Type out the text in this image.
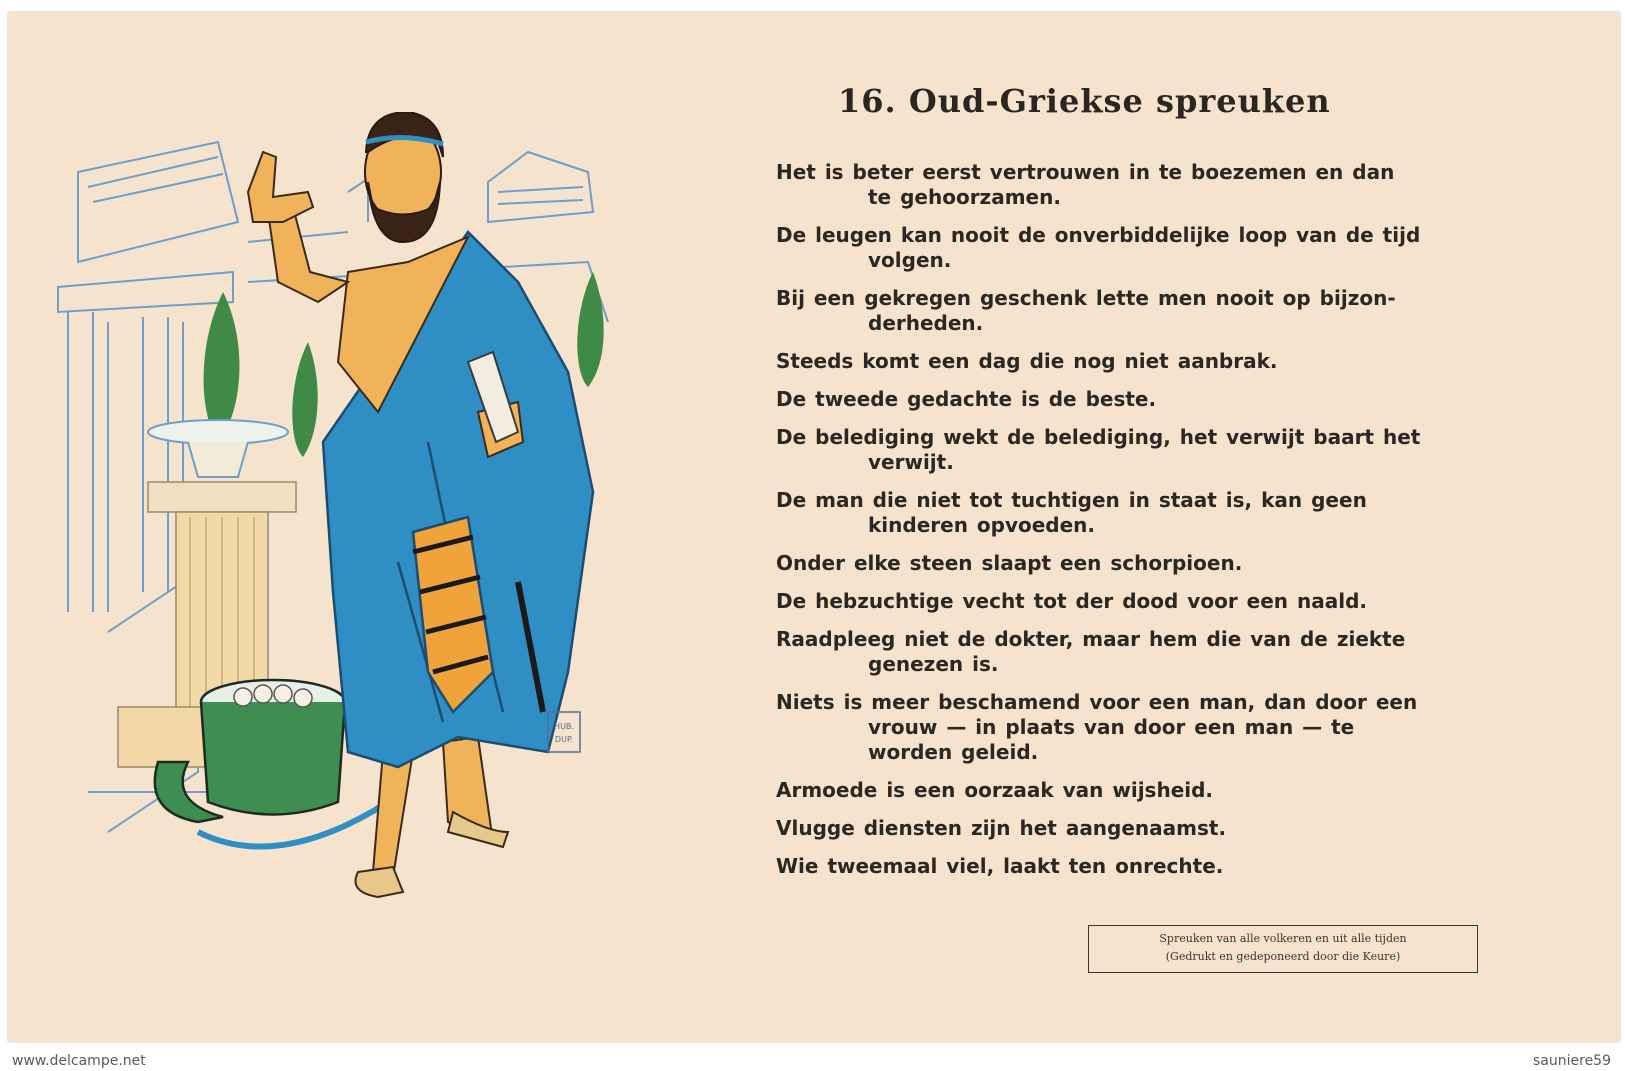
HUB.
DUP.
16. Oud-Griekse spreuken
Het is beter eerst vertrouwen in te boezemen en dan te gehoorzamen.
De leugen kan nooit de onverbiddelijke loop van de tijd volgen.
Bij een gekregen geschenk lette men nooit op bijzon-derheden.
Steeds komt een dag die nog niet aanbrak.
De tweede gedachte is de beste.
De belediging wekt de belediging, het verwijt baart het verwijt.
De man die niet tot tuchtigen in staat is, kan geen kinderen opvoeden.
Onder elke steen slaapt een schorpioen.
De hebzuchtige vecht tot der dood voor een naald.
Raadpleeg niet de dokter, maar hem die van de ziekte genezen is.
Niets is meer beschamend voor een man, dan door een vrouw — in plaats van door een man — te worden geleid.
Armoede is een oorzaak van wijsheid.
Vlugge diensten zijn het aangenaamst.
Wie tweemaal viel, laakt ten onrechte.
Spreuken van alle volkeren en uit alle tijden
(Gedrukt en gedeponeerd door die Keure)
www.delcampe.net	sauniere59
